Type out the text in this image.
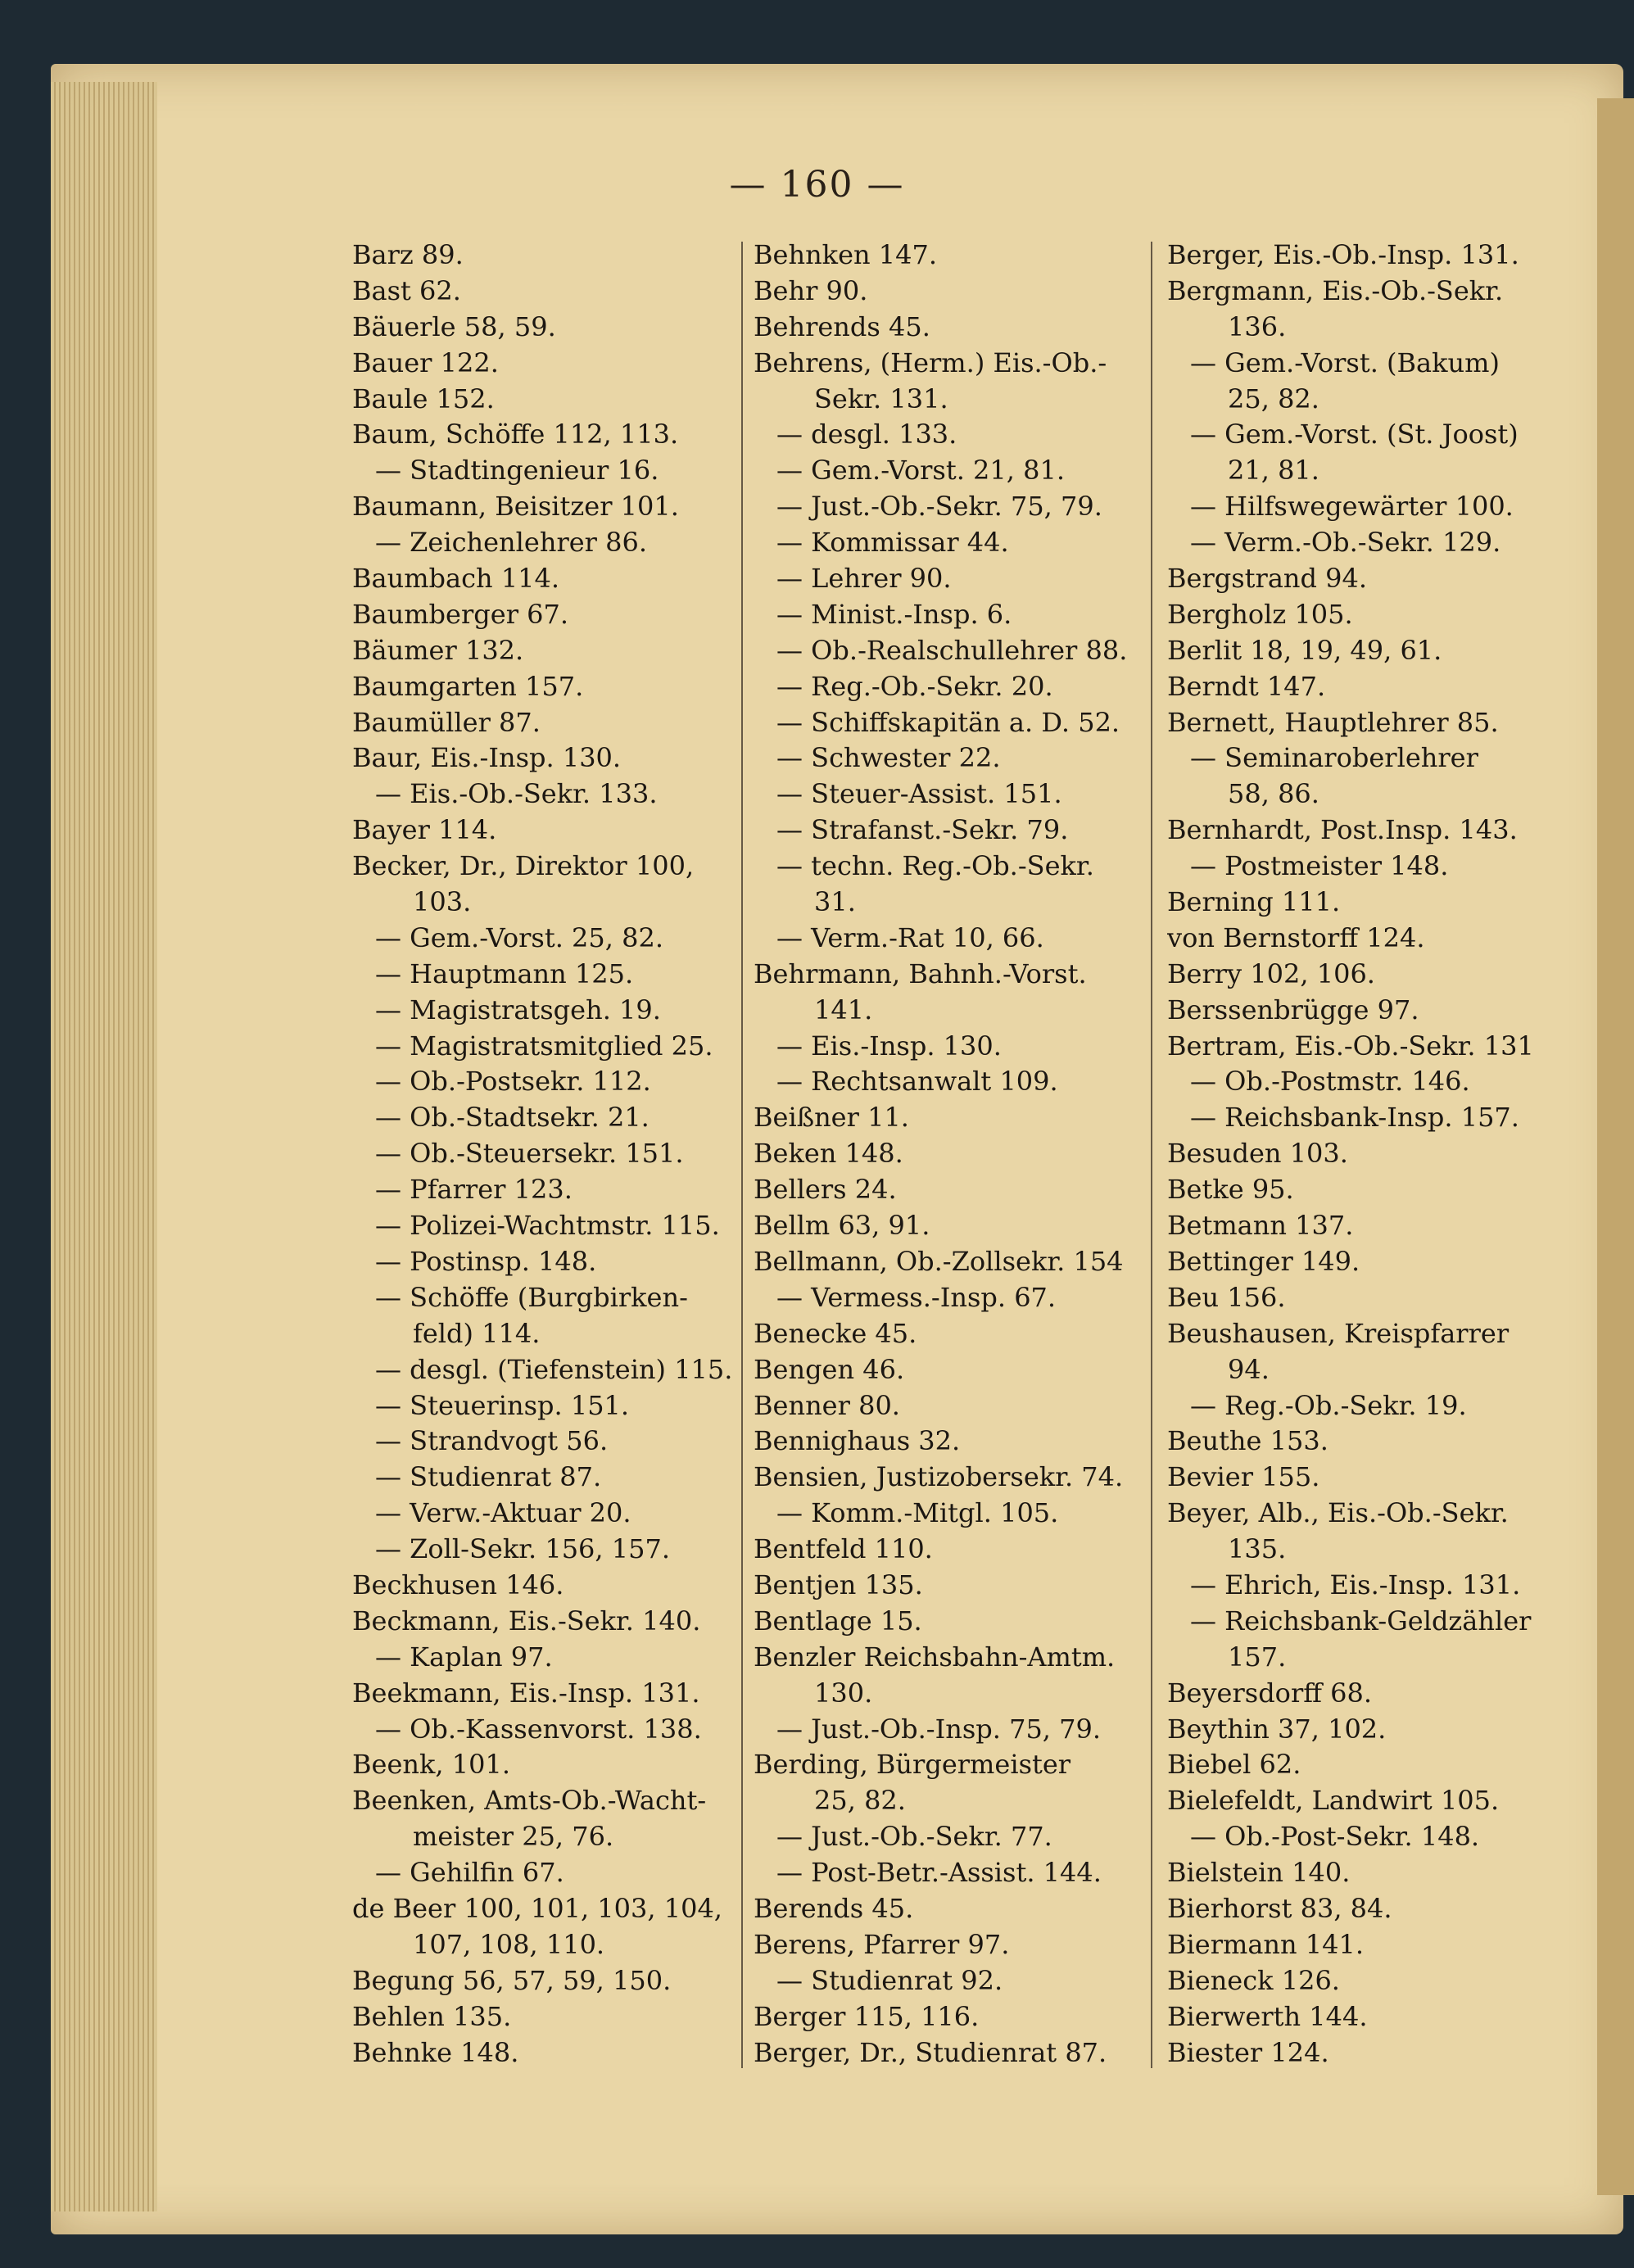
— 160 —
Barz 89.
Bast 62.
Bäuerle 58, 59.
Bauer 122.
Baule 152.
Baum, Schöffe 112, 113.
— Stadtingenieur 16.
Baumann, Beisitzer 101.
— Zeichenlehrer 86.
Baumbach 114.
Baumberger 67.
Bäumer 132.
Baumgarten 157.
Baumüller 87.
Baur, Eis.-Insp. 130.
— Eis.-Ob.-Sekr. 133.
Bayer 114.
Becker, Dr., Direktor 100,
103.
— Gem.-Vorst. 25, 82.
— Hauptmann 125.
— Magistratsgeh. 19.
— Magistratsmitglied 25.
— Ob.-Postsekr. 112.
— Ob.-Stadtsekr. 21.
— Ob.-Steuersekr. 151.
— Pfarrer 123.
— Polizei-Wachtmstr. 115.
— Postinsp. 148.
— Schöffe (Burgbirken-
feld) 114.
— desgl. (Tiefenstein) 115.
— Steuerinsp. 151.
— Strandvogt 56.
— Studienrat 87.
— Verw.-Aktuar 20.
— Zoll-Sekr. 156, 157.
Beckhusen 146.
Beckmann, Eis.-Sekr. 140.
— Kaplan 97.
Beekmann, Eis.-Insp. 131.
— Ob.-Kassenvorst. 138.
Beenk, 101.
Beenken, Amts-Ob.-Wacht-
meister 25, 76.
— Gehilfin 67.
de Beer 100, 101, 103, 104,
107, 108, 110.
Begung 56, 57, 59, 150.
Behlen 135.
Behnke 148.
Behnken 147.
Behr 90.
Behrends 45.
Behrens, (Herm.) Eis.-Ob.-
Sekr. 131.
— desgl. 133.
— Gem.-Vorst. 21, 81.
— Just.-Ob.-Sekr. 75, 79.
— Kommissar 44.
— Lehrer 90.
— Minist.-Insp. 6.
— Ob.-Realschullehrer 88.
— Reg.-Ob.-Sekr. 20.
— Schiffskapitän a. D. 52.
— Schwester 22.
— Steuer-Assist. 151.
— Strafanst.-Sekr. 79.
— techn. Reg.-Ob.-Sekr.
31.
— Verm.-Rat 10, 66.
Behrmann, Bahnh.-Vorst.
141.
— Eis.-Insp. 130.
— Rechtsanwalt 109.
Beißner 11.
Beken 148.
Bellers 24.
Bellm 63, 91.
Bellmann, Ob.-Zollsekr. 154
— Vermess.-Insp. 67.
Benecke 45.
Bengen 46.
Benner 80.
Bennighaus 32.
Bensien, Justizobersekr. 74.
— Komm.-Mitgl. 105.
Bentfeld 110.
Bentjen 135.
Bentlage 15.
Benzler Reichsbahn-Amtm.
130.
— Just.-Ob.-Insp. 75, 79.
Berding, Bürgermeister
25, 82.
— Just.-Ob.-Sekr. 77.
— Post-Betr.-Assist. 144.
Berends 45.
Berens, Pfarrer 97.
— Studienrat 92.
Berger 115, 116.
Berger, Dr., Studienrat 87.
Berger, Eis.-Ob.-Insp. 131.
Bergmann, Eis.-Ob.-Sekr.
136.
— Gem.-Vorst. (Bakum)
25, 82.
— Gem.-Vorst. (St. Joost)
21, 81.
— Hilfswegewärter 100.
— Verm.-Ob.-Sekr. 129.
Bergstrand 94.
Bergholz 105.
Berlit 18, 19, 49, 61.
Berndt 147.
Bernett, Hauptlehrer 85.
— Seminaroberlehrer
58, 86.
Bernhardt, Post.Insp. 143.
— Postmeister 148.
Berning 111.
von Bernstorff 124.
Berry 102, 106.
Berssenbrügge 97.
Bertram, Eis.-Ob.-Sekr. 131
— Ob.-Postmstr. 146.
— Reichsbank-Insp. 157.
Besuden 103.
Betke 95.
Betmann 137.
Bettinger 149.
Beu 156.
Beushausen, Kreispfarrer
94.
— Reg.-Ob.-Sekr. 19.
Beuthe 153.
Bevier 155.
Beyer, Alb., Eis.-Ob.-Sekr.
135.
— Ehrich, Eis.-Insp. 131.
— Reichsbank-Geldzähler
157.
Beyersdorff 68.
Beythin 37, 102.
Biebel 62.
Bielefeldt, Landwirt 105.
— Ob.-Post-Sekr. 148.
Bielstein 140.
Bierhorst 83, 84.
Biermann 141.
Bieneck 126.
Bierwerth 144.
Biester 124.
